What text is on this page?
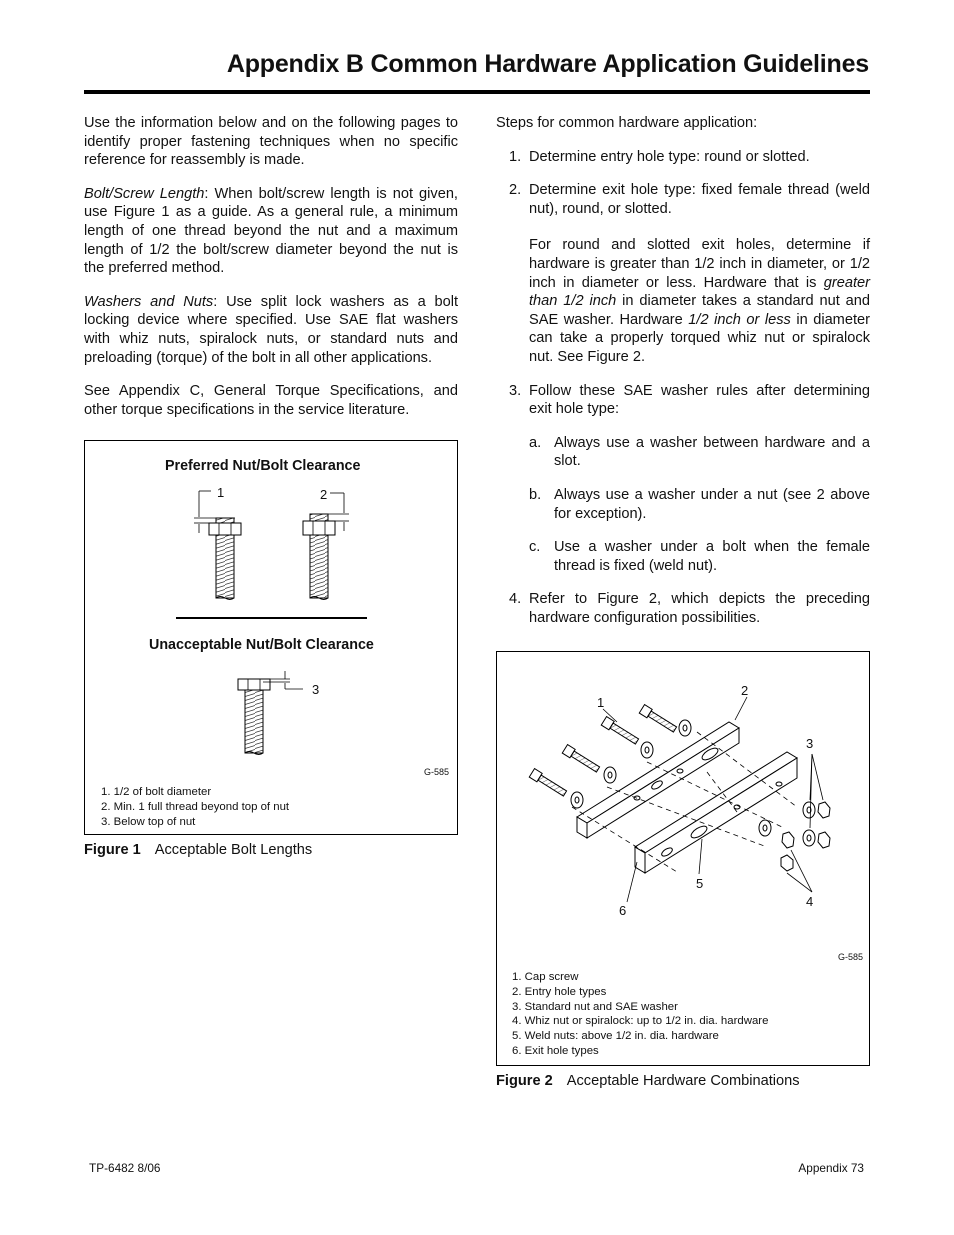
Appendix B Common Hardware Application Guidelines

Use the information below and on the following pages to identify proper fastening techniques when no specific reference for reassembly is made.

Bolt/Screw Length: When bolt/screw length is not given, use Figure 1 as a guide. As a general rule, a minimum length of one thread beyond the nut and a maximum length of 1/2 the bolt/screw diameter beyond the nut is the preferred method.

Washers and Nuts: Use split lock washers as a bolt locking device where specified. Use SAE flat washers with whiz nuts, spiralock nuts, or standard nuts and preloading (torque) of the bolt in all other applications.

See Appendix C, General Torque Specifications, and other torque specifications in the service literature.

Preferred Nut/Bolt Clearance
1	2
Unacceptable Nut/Bolt Clearance
3
G-585
1. 1/2 of bolt diameter
2. Min. 1 full thread beyond top of nut
3. Below top of nut
Figure 1 Acceptable Bolt Lengths

Steps for common hardware application:

1. Determine entry hole type: round or slotted.
2. Determine exit hole type: fixed female thread (weld nut), round, or slotted.
For round and slotted exit holes, determine if hardware is greater than 1/2 inch in diameter, or 1/2 inch in diameter or less. Hardware that is greater than 1/2 inch in diameter takes a standard nut and SAE washer. Hardware 1/2 inch or less in diameter can take a properly torqued whiz nut or spiralock nut. See Figure 2.
3. Follow these SAE washer rules after determining exit hole type:
a. Always use a washer between hardware and a slot.
b. Always use a washer under a nut (see 2 above for exception).
c. Use a washer under a bolt when the female thread is fixed (weld nut).
4. Refer to Figure 2, which depicts the preceding hardware configuration possibilities.
1
2
3
4
5
6
G-585
1. Cap screw
2. Entry hole types
3. Standard nut and SAE washer
4. Whiz nut or spiralock: up to 1/2 in. dia. hardware
5. Weld nuts: above 1/2 in. dia. hardware
6. Exit hole types
Figure 2 Acceptable Hardware Combinations
TP-6482 8/06	Appendix 73
